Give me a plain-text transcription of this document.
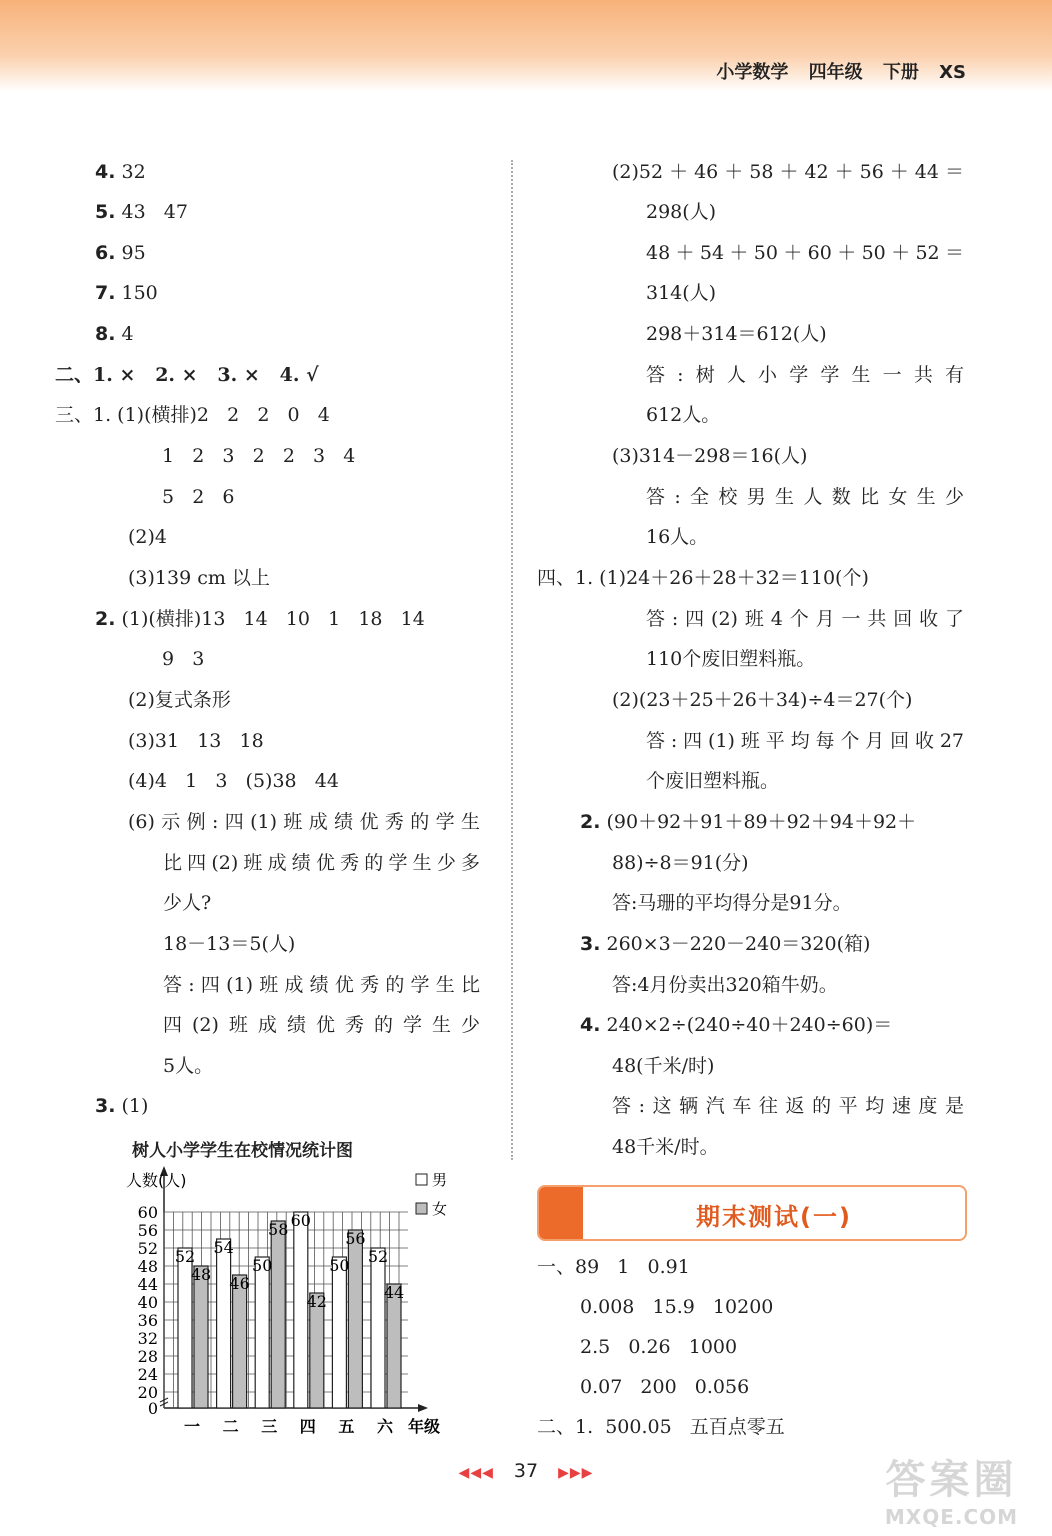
小学数学 四年级 下册 XS
4. 32
5. 43   47
6. 95
7. 150
8. 4
二、1. ×   2. ×   3. ×   4. √
三、1. (1)(横排)2   2   2   0   4
1   2   3   2   2   3   4
5   2   6
(2)4
(3)139 cm 以上
2. (1)(横排)13   14   10   1   18   14
9   3
(2)复式条形
(3)31   13   18
(4)4   1   3   (5)38   44
(6)示例:四(1)班成绩优秀的学生
比四(2)班成绩优秀的学生少多
少人?
18－13＝5(人)
答:四(1)班成绩优秀的学生比
四(2)班成绩优秀的学生少
5人。
3. (1)
树人小学学生在校情况统计图
人数(人)
年级
男
女
0
20
24
28
32
36
40
44
48
52
56
60
52
48
一
54
46
二
50
58
三
60
42
四
50
56
五
52
44
六
(2)52＋46＋58＋42＋56＋44＝
298(人)
48＋54＋50＋60＋50＋52＝
314(人)
298＋314＝612(人)
答:树人小学学生一共有
612人。
(3)314－298＝16(人)
答:全校男生人数比女生少
16人。
四、1. (1)24＋26＋28＋32＝110(个)
答:四(2)班4个月一共回收了
110个废旧塑料瓶。
(2)(23＋25＋26＋34)÷4＝27(个)
答:四(1)班平均每个月回收27
个废旧塑料瓶。
2. (90＋92＋91＋89＋92＋94＋92＋
88)÷8＝91(分)
答:马珊的平均得分是91分。
3. 260×3－220－240＝320(箱)
答:4月份卖出320箱牛奶。
4. 240×2÷(240÷40＋240÷60)＝
48(千米/时)
答:这辆汽车往返的平均速度是
48千米/时。
期末测试(一)
一、89   1   0.91
0.008   15.9   10200
2.5   0.26   1000
0.07   200   0.056
二、1.  500.05   五百点零五
◀◀◀ 37 ▶▶▶	答案圈
MXQE.COM
